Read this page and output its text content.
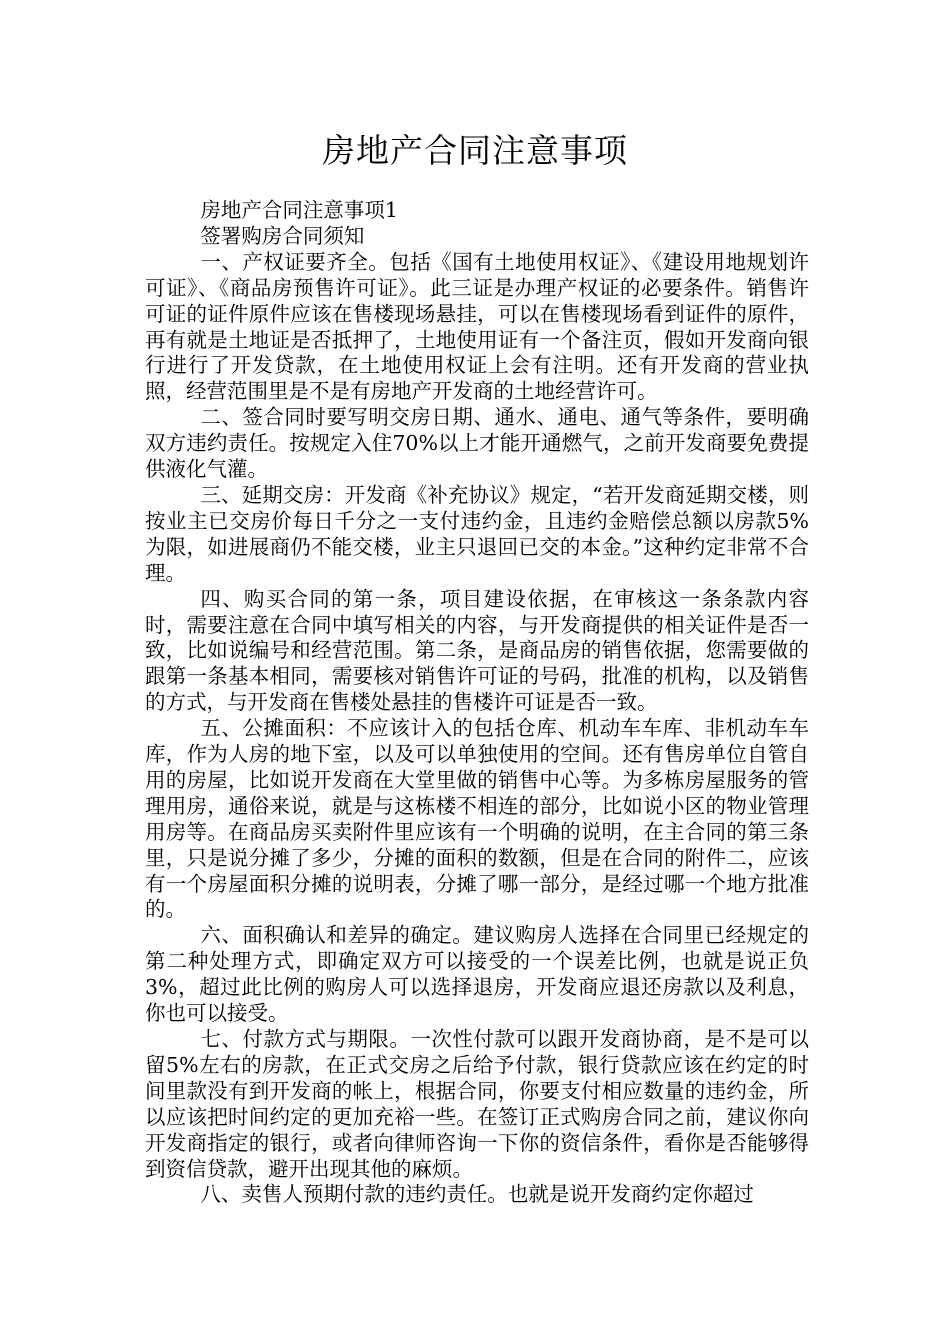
房地产合同注意事项

房地产合同注意事项1

签署购房合同须知

一、产权证要齐全。包括《国有土地使用权证》、《建设用地规划许可证》、《商品房预售许可证》。此三证是办理产权证的必要条件。销售许可证的证件原件应该在售楼现场悬挂，可以在售楼现场看到证件的原件，再有就是土地证是否抵押了，土地使用证有一个备注页，假如开发商向银行进行了开发贷款，在土地使用权证上会有注明。还有开发商的营业执照，经营范围里是不是有房地产开发商的土地经营许可。

二、签合同时要写明交房日期、通水、通电、通气等条件，要明确双方违约责任。按规定入住70%以上才能开通燃气，之前开发商要免费提供液化气灌。

三、延期交房：开发商《补充协议》规定，“若开发商延期交楼，则按业主已交房价每日千分之一支付违约金，且违约金赔偿总额以房款5%为限，如进展商仍不能交楼，业主只退回已交的本金。”这种约定非常不合理。

四、购买合同的第一条，项目建设依据，在审核这一条条款内容时，需要注意在合同中填写相关的内容，与开发商提供的相关证件是否一致，比如说编号和经营范围。第二条，是商品房的销售依据，您需要做的跟第一条基本相同，需要核对销售许可证的号码，批准的机构，以及销售的方式，与开发商在售楼处悬挂的售楼许可证是否一致。

五、公摊面积：不应该计入的包括仓库、机动车车库、非机动车车库，作为人房的地下室，以及可以单独使用的空间。还有售房单位自管自用的房屋，比如说开发商在大堂里做的销售中心等。为多栋房屋服务的管理用房，通俗来说，就是与这栋楼不相连的部分，比如说小区的物业管理用房等。在商品房买卖附件里应该有一个明确的说明，在主合同的第三条里，只是说分摊了多少，分摊的面积的数额，但是在合同的附件二，应该有一个房屋面积分摊的说明表，分摊了哪一部分，是经过哪一个地方批准的。

六、面积确认和差异的确定。建议购房人选择在合同里已经规定的第二种处理方式，即确定双方可以接受的一个误差比例，也就是说正负3%，超过此比例的购房人可以选择退房，开发商应退还房款以及利息，你也可以接受。

七、付款方式与期限。一次性付款可以跟开发商协商，是不是可以留5%左右的房款，在正式交房之后给予付款，银行贷款应该在约定的时间里款没有到开发商的帐上，根据合同，你要支付相应数量的违约金，所以应该把时间约定的更加充裕一些。在签订正式购房合同之前，建议你向开发商指定的银行，或者向律师咨询一下你的资信条件，看你是否能够得到资信贷款，避开出现其他的麻烦。

八、卖售人预期付款的违约责任。也就是说开发商约定你超过
